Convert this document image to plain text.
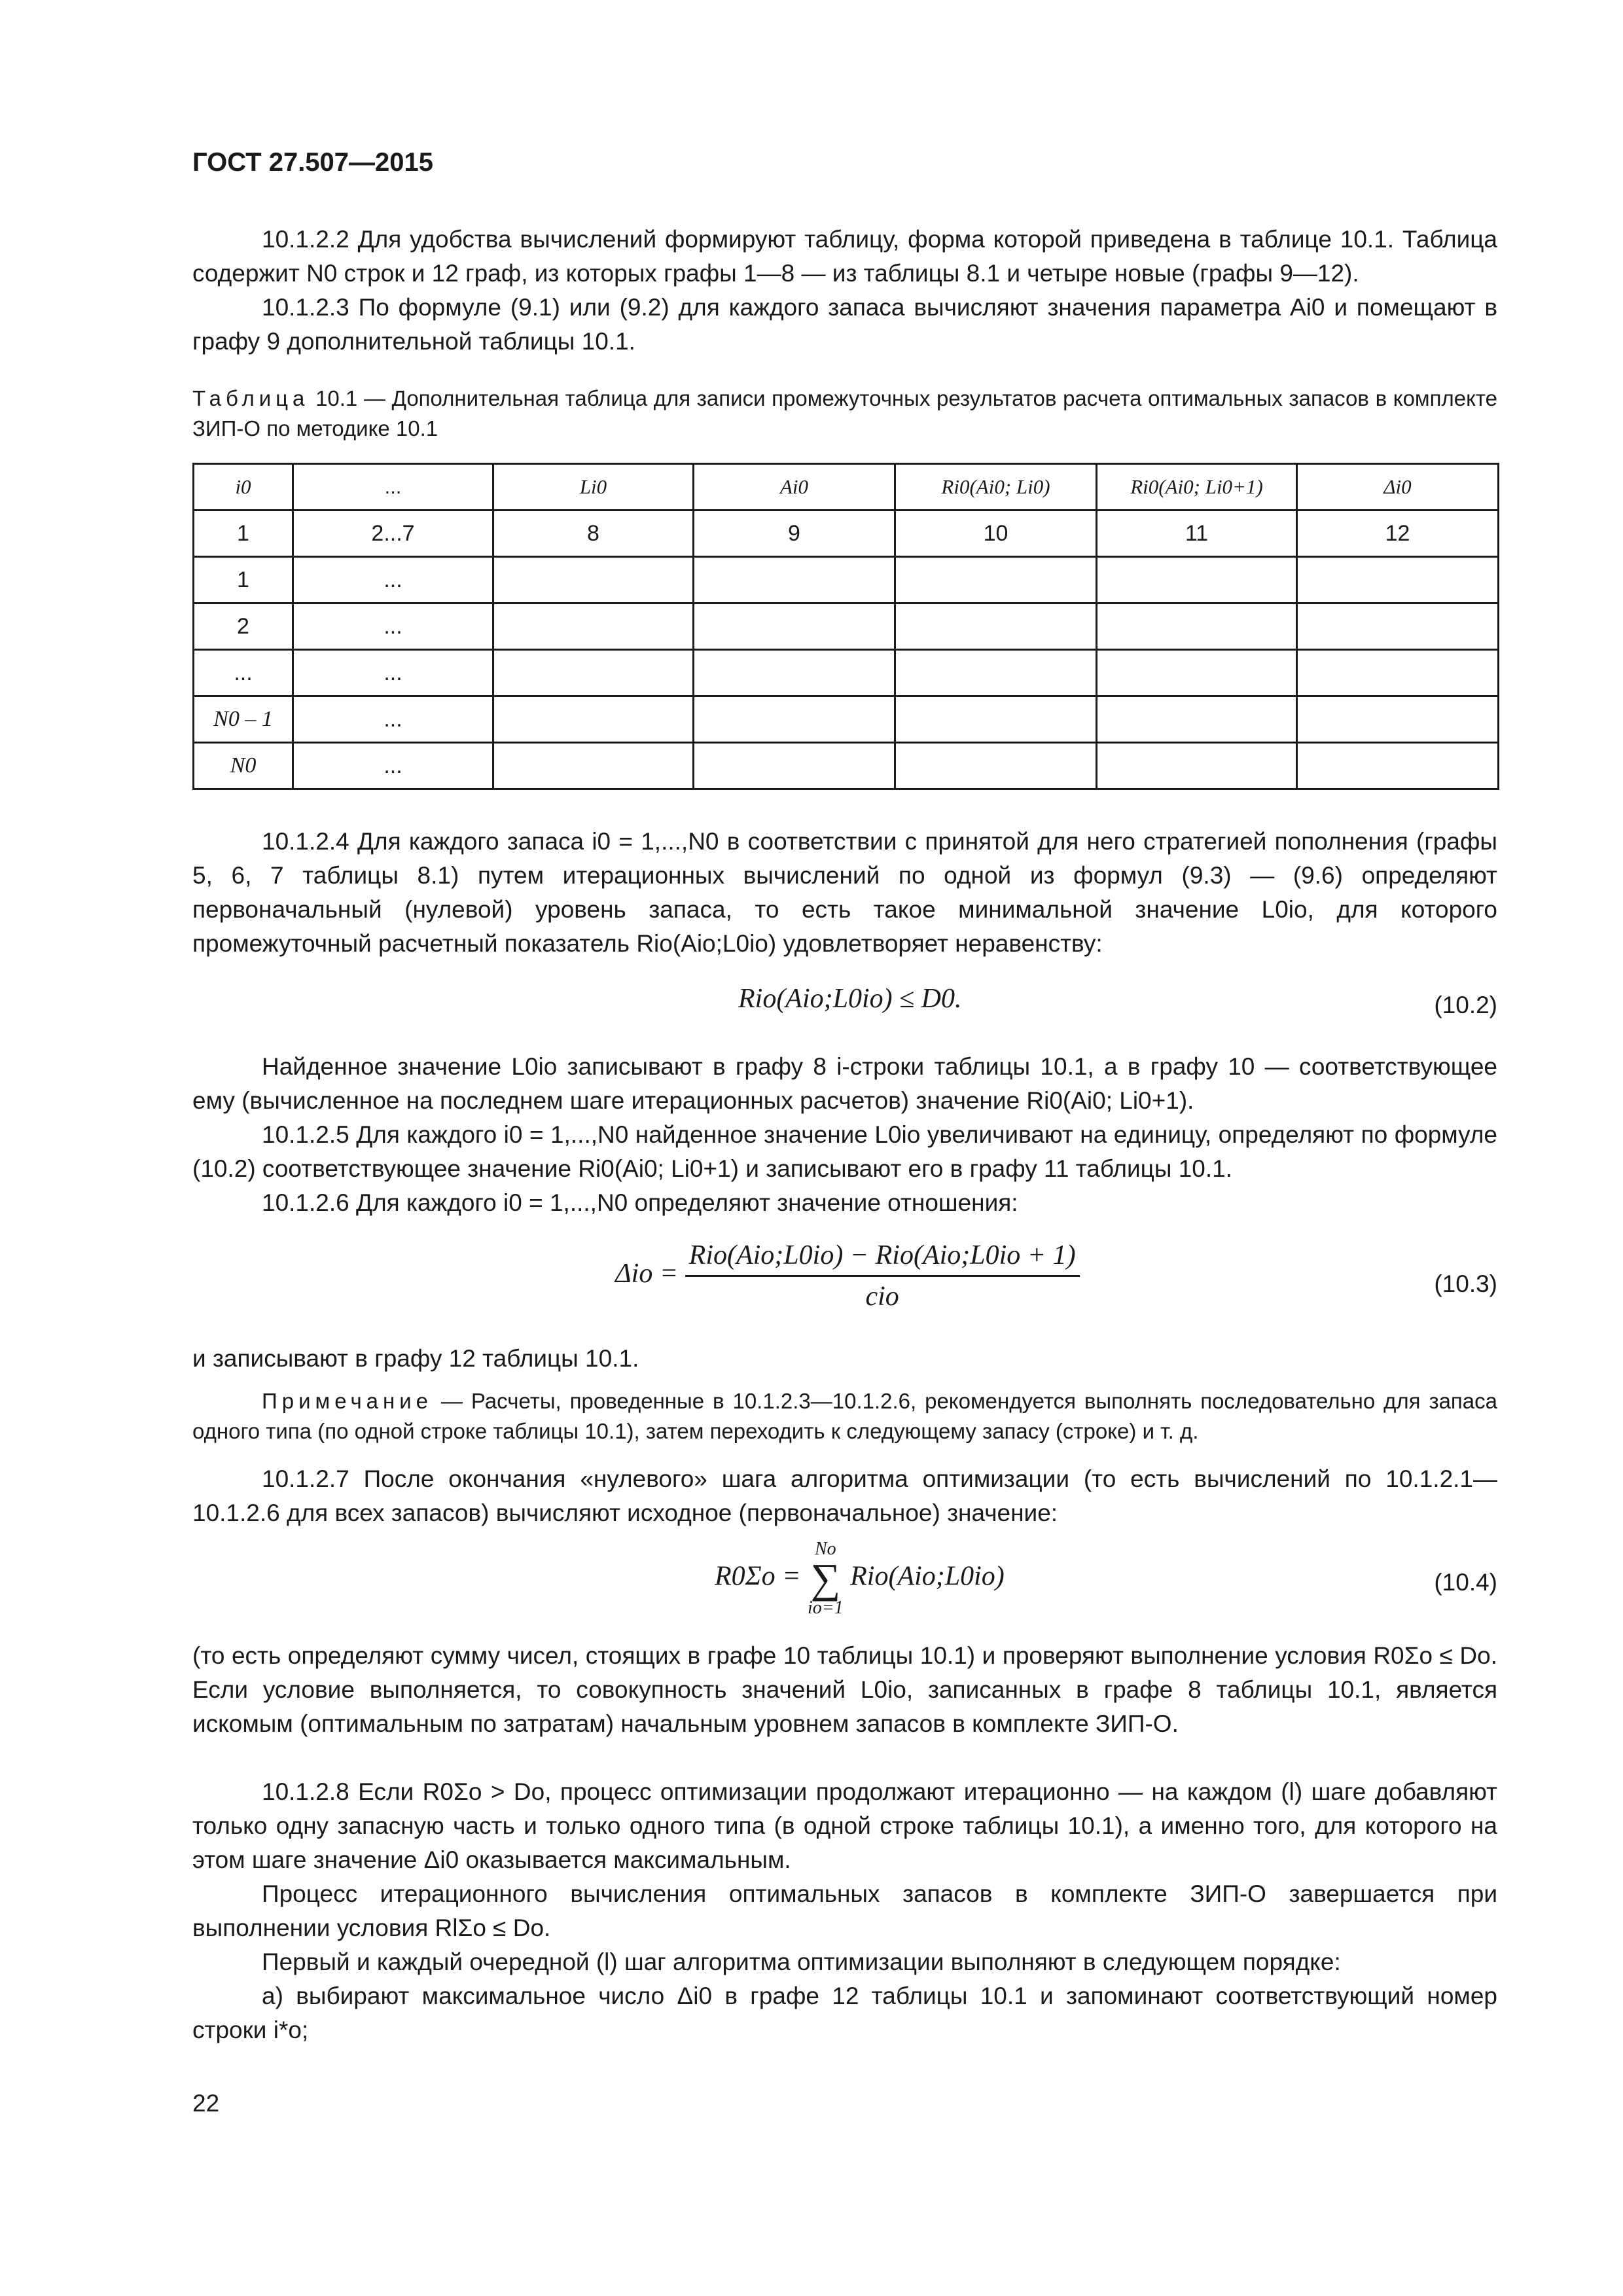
ГОСТ 27.507—2015
10.1.2.2 Для удобства вычислений формируют таблицу, форма которой приведена в таблице 10.1. Таблица содержит N0 строк и 12 граф, из которых графы 1—8 — из таблицы 8.1 и четыре новые (графы 9—12).
10.1.2.3 По формуле (9.1) или (9.2) для каждого запаса вычисляют значения параметра Ai0 и помещают в графу 9 дополнительной таблицы 10.1.
Таблица 10.1 — Дополнительная таблица для записи промежуточных результатов расчета оптимальных запасов в комплекте ЗИП-О по методике 10.1
i0	...	Li0	Ai0	Ri0(Ai0; Li0)	Ri0(Ai0; Li0+1)	Δi0
1	2...7	8	9	10	11	12
1	...					
2	...					
...	...					
N0 – 1	...					
N0	...					
10.1.2.4 Для каждого запаса i0 = 1,...,N0 в соответствии с принятой для него стратегией пополнения (графы 5, 6, 7 таблицы 8.1) путем итерационных вычислений по одной из формул (9.3) — (9.6) определяют первоначальный (нулевой) уровень запаса, то есть такое минимальной значение L0io, для которого промежуточный расчетный показатель Rio(Aio;L0io) удовлетворяет неравенству:
Rio(Aio;L0io) ≤ D0.	(10.2)
Найденное значение L0io записывают в графу 8 i-строки таблицы 10.1, а в графу 10 — соответствующее ему (вычисленное на последнем шаге итерационных расчетов) значение Ri0(Ai0; Li0+1).
10.1.2.5 Для каждого i0 = 1,...,N0 найденное значение L0io увеличивают на единицу, определяют по формуле (10.2) соответствующее значение Ri0(Ai0; Li0+1) и записывают его в графу 11 таблицы 10.1.
10.1.2.6 Для каждого i0 = 1,...,N0 определяют значение отношения:
$\Delta io = \frac{\text{Rio(Aio;L0io) − Rio(Aio;L0io + 1)}}{\text{cio}}$	(10.3)
и записывают в графу 12 таблицы 10.1.
Примечание — Расчеты, проведенные в 10.1.2.3—10.1.2.6, рекомендуется выполнять последовательно для запаса одного типа (по одной строке таблицы 10.1), затем переходить к следующему запасу (строке) и т. д.
10.1.2.7 После окончания «нулевого» шага алгоритма оптимизации (то есть вычислений по 10.1.2.1—10.1.2.6 для всех запасов) вычисляют исходное (первоначальное) значение:
R0Σo =
No
∑
io=1
Rio(Aio;L0io)	(10.4)
(то есть определяют сумму чисел, стоящих в графе 10 таблицы 10.1) и проверяют выполнение условия R0Σo ≤ Do. Если условие выполняется, то совокупность значений L0io, записанных в графе 8 таблицы 10.1, является искомым (оптимальным по затратам) начальным уровнем запасов в комплекте ЗИП-О.
10.1.2.8 Если R0Σo > Do, процесс оптимизации продолжают итерационно — на каждом (l) шаге добавляют только одну запасную часть и только одного типа (в одной строке таблицы 10.1), а именно того, для которого на этом шаге значение Δi0 оказывается максимальным.
Процесс итерационного вычисления оптимальных запасов в комплекте ЗИП-О завершается при выполнении условия RlΣo ≤ Do.
Первый и каждый очередной (l) шаг алгоритма оптимизации выполняют в следующем порядке:
а) выбирают максимальное число Δi0 в графе 12 таблицы 10.1 и запоминают соответствующий номер строки i*o;
22
